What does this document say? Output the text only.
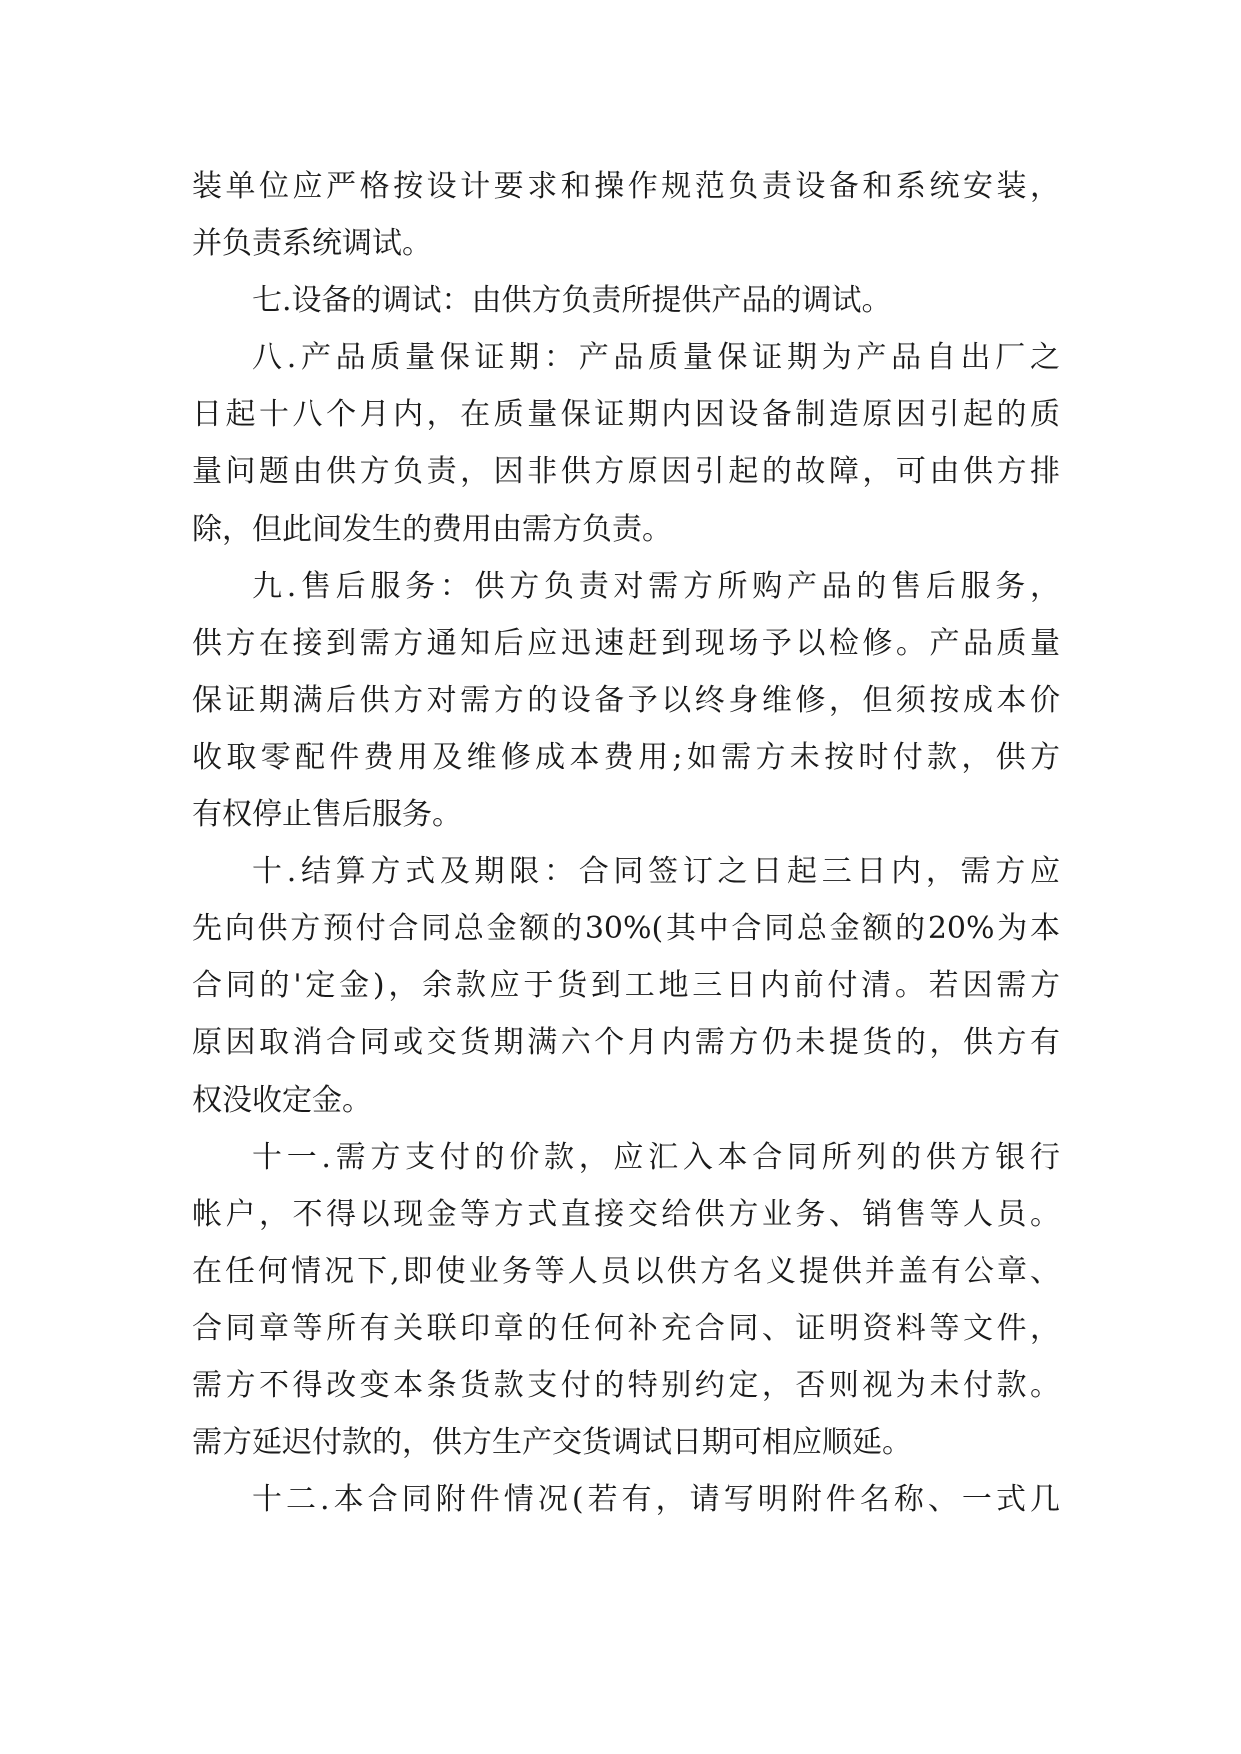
装单位应严格按设计要求和操作规范负责设备和系统安装，
并负责系统调试。
七.设备的调试：由供方负责所提供产品的调试。
八.产品质量保证期：产品质量保证期为产品自出厂之
日起十八个月内，在质量保证期内因设备制造原因引起的质
量问题由供方负责，因非供方原因引起的故障，可由供方排
除，但此间发生的费用由需方负责。
九.售后服务：供方负责对需方所购产品的售后服务，
供方在接到需方通知后应迅速赶到现场予以检修。产品质量
保证期满后供方对需方的设备予以终身维修，但须按成本价
收取零配件费用及维修成本费用;如需方未按时付款，供方
有权停止售后服务。
十.结算方式及期限：合同签订之日起三日内，需方应
先向供方预付合同总金额的30%(其中合同总金额的20%为本
合同的'定金)，余款应于货到工地三日内前付清。若因需方
原因取消合同或交货期满六个月内需方仍未提货的，供方有
权没收定金。
十一.需方支付的价款，应汇入本合同所列的供方银行
帐户，不得以现金等方式直接交给供方业务、销售等人员。
在任何情况下,即使业务等人员以供方名义提供并盖有公章、
合同章等所有关联印章的任何补充合同、证明资料等文件，
需方不得改变本条货款支付的特别约定，否则视为未付款。
需方延迟付款的，供方生产交货调试日期可相应顺延。
十二.本合同附件情况(若有，请写明附件名称、一式几
